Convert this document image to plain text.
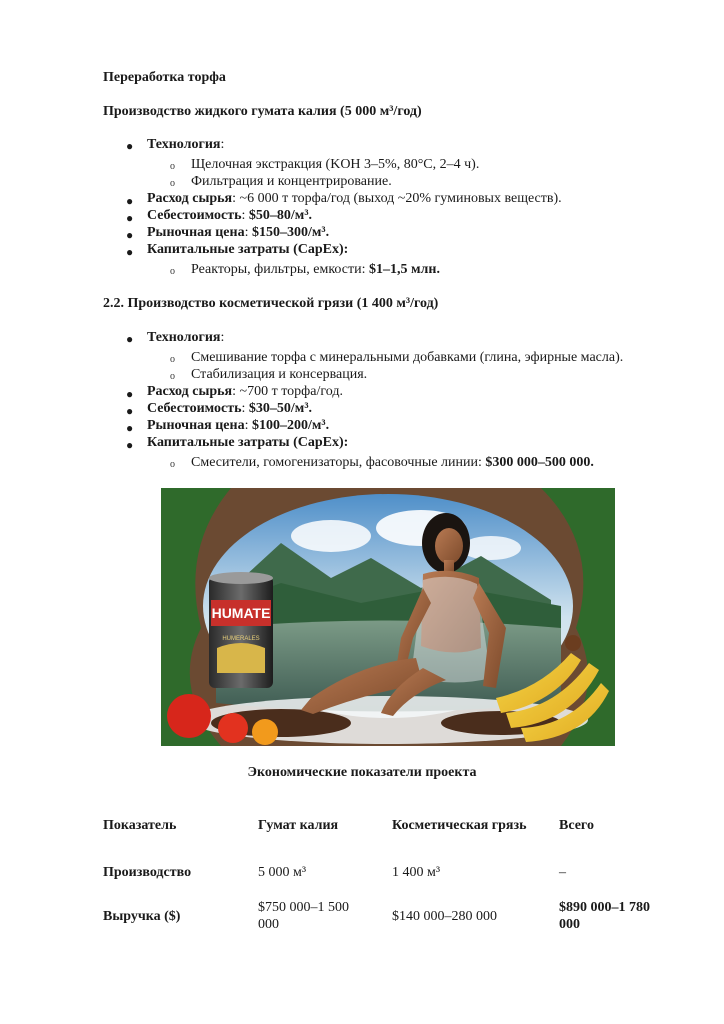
Переработка торфа
Производство жидкого гумата калия (5 000 м³/год)
● Технология:
o Щелочная экстракция (KOH 3–5%, 80°C, 2–4 ч).
o Фильтрация и концентрирование.
● Расход сырья: ~6 000 т торфа/год (выход ~20% гуминовых веществ).
● Себестоимость: $50–80/м³.
● Рыночная цена: $150–300/м³.
● Капитальные затраты (CapEx):
o Реакторы, фильтры, емкости: $1–1,5 млн.
2.2. Производство косметической грязи (1 400 м³/год)
● Технология:
o Смешивание торфа с минеральными добавками (глина, эфирные масла).
o Стабилизация и консервация.
● Расход сырья: ~700 т торфа/год.
● Себестоимость: $30–50/м³.
● Рыночная цена: $100–200/м³.
● Капитальные затраты (CapEx):
o Смесители, гомогенизаторы, фасовочные линии: $300 000–500 000.
HUMATE
HUMERALES
Экономические показатели проекта
Показатель	Гумат калия	Косметическая грязь	Всего
Производство	5 000 м³	1 400 м³	–
Выручка ($)	$750 000–1 500 000	$140 000–280 000	$890 000–1 780 000
